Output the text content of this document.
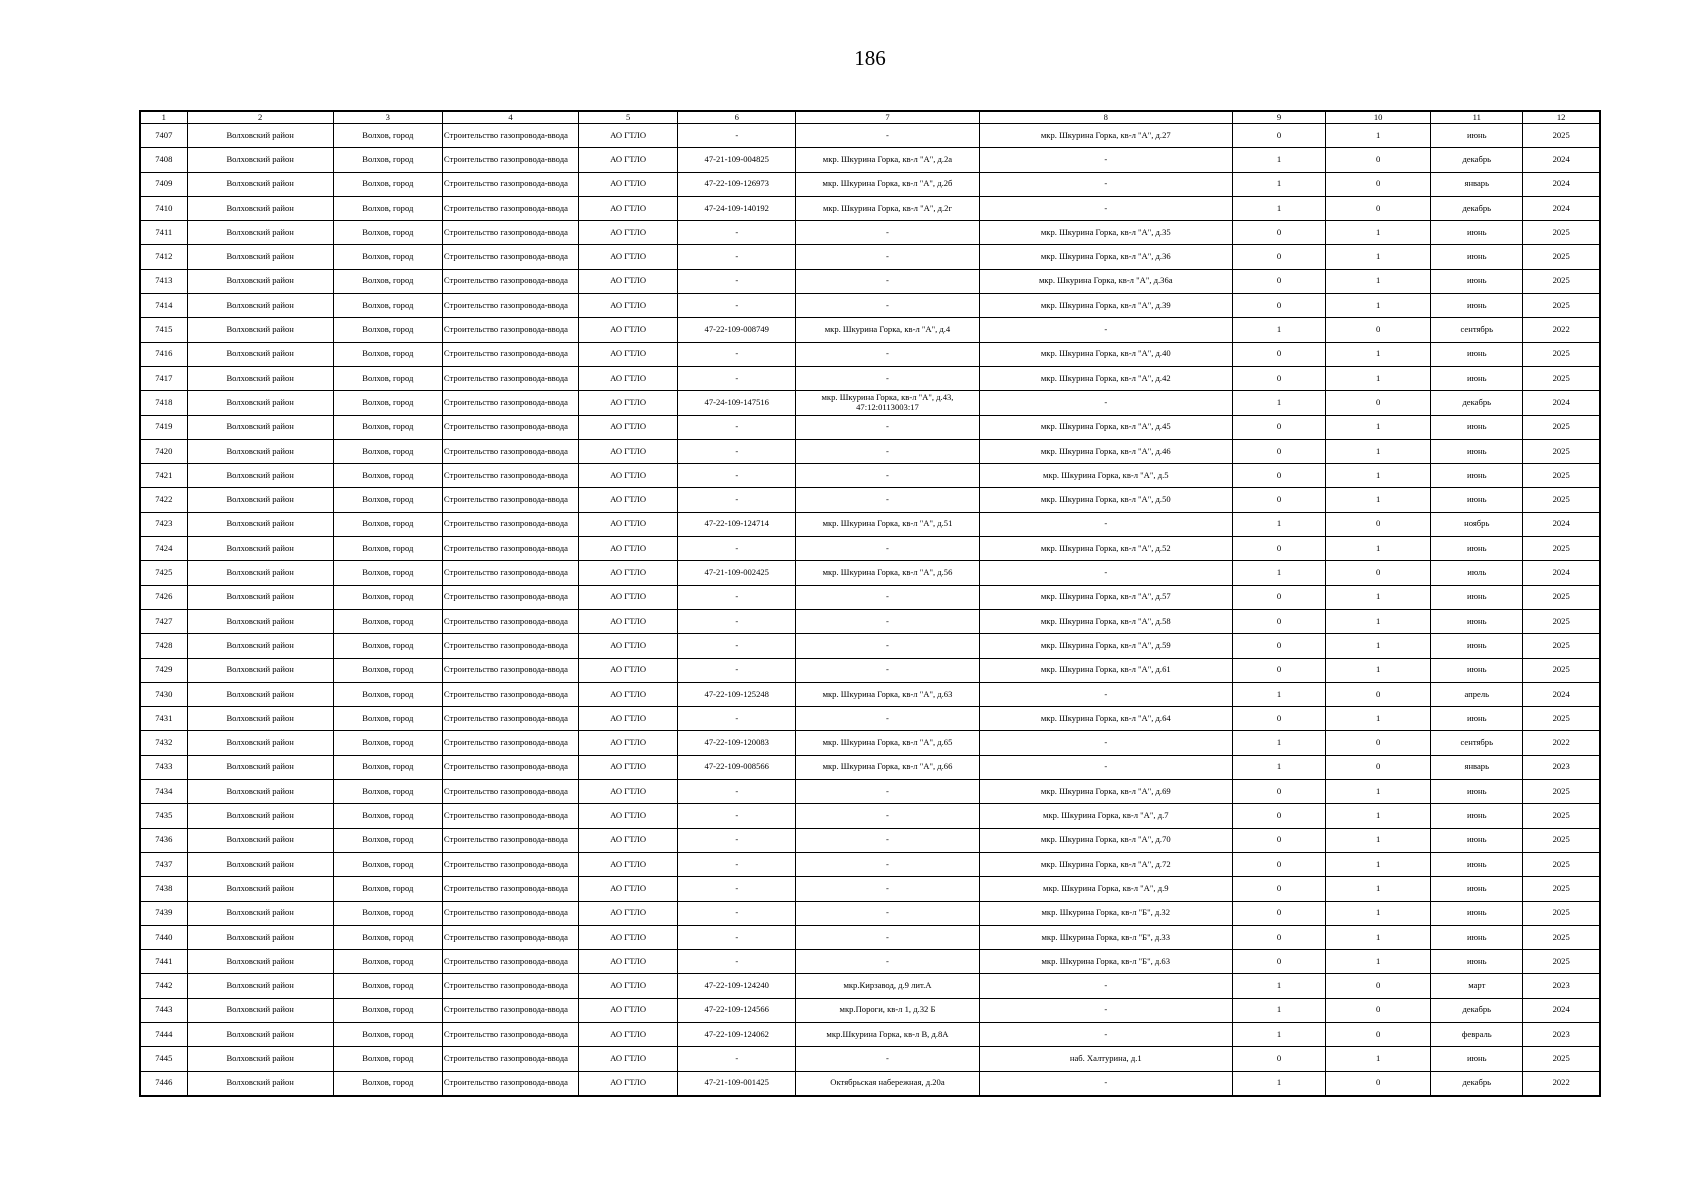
186
1	2	3	4	5	6	7	8	9	10	11	12
7407	Волховский район	Волхов, город	Строительство газопровода-ввода	АО ГТЛО	-	-	мкр. Шкурина Горка, кв-л "А", д.27	0	1	июнь	2025
7408	Волховский район	Волхов, город	Строительство газопровода-ввода	АО ГТЛО	47-21-109-004825	мкр. Шкурина Горка, кв-л "А", д.2а	-	1	0	декабрь	2024
7409	Волховский район	Волхов, город	Строительство газопровода-ввода	АО ГТЛО	47-22-109-126973	мкр. Шкурина Горка, кв-л "А", д.2б	-	1	0	январь	2024
7410	Волховский район	Волхов, город	Строительство газопровода-ввода	АО ГТЛО	47-24-109-140192	мкр. Шкурина Горка, кв-л "А", д.2г	-	1	0	декабрь	2024
7411	Волховский район	Волхов, город	Строительство газопровода-ввода	АО ГТЛО	-	-	мкр. Шкурина Горка, кв-л "А", д.35	0	1	июнь	2025
7412	Волховский район	Волхов, город	Строительство газопровода-ввода	АО ГТЛО	-	-	мкр. Шкурина Горка, кв-л "А", д.36	0	1	июнь	2025
7413	Волховский район	Волхов, город	Строительство газопровода-ввода	АО ГТЛО	-	-	мкр. Шкурина Горка, кв-л "А", д.36а	0	1	июнь	2025
7414	Волховский район	Волхов, город	Строительство газопровода-ввода	АО ГТЛО	-	-	мкр. Шкурина Горка, кв-л "А", д.39	0	1	июнь	2025
7415	Волховский район	Волхов, город	Строительство газопровода-ввода	АО ГТЛО	47-22-109-008749	мкр. Шкурина Горка, кв-л "А", д.4	-	1	0	сентябрь	2022
7416	Волховский район	Волхов, город	Строительство газопровода-ввода	АО ГТЛО	-	-	мкр. Шкурина Горка, кв-л "А", д.40	0	1	июнь	2025
7417	Волховский район	Волхов, город	Строительство газопровода-ввода	АО ГТЛО	-	-	мкр. Шкурина Горка, кв-л "А", д.42	0	1	июнь	2025
7418	Волховский район	Волхов, город	Строительство газопровода-ввода	АО ГТЛО	47-24-109-147516	мкр. Шкурина Горка, кв-л "А", д.43, 47:12:0113003:17	-	1	0	декабрь	2024
7419	Волховский район	Волхов, город	Строительство газопровода-ввода	АО ГТЛО	-	-	мкр. Шкурина Горка, кв-л "А", д.45	0	1	июнь	2025
7420	Волховский район	Волхов, город	Строительство газопровода-ввода	АО ГТЛО	-	-	мкр. Шкурина Горка, кв-л "А", д.46	0	1	июнь	2025
7421	Волховский район	Волхов, город	Строительство газопровода-ввода	АО ГТЛО	-	-	мкр. Шкурина Горка, кв-л "А", д.5	0	1	июнь	2025
7422	Волховский район	Волхов, город	Строительство газопровода-ввода	АО ГТЛО	-	-	мкр. Шкурина Горка, кв-л "А", д.50	0	1	июнь	2025
7423	Волховский район	Волхов, город	Строительство газопровода-ввода	АО ГТЛО	47-22-109-124714	мкр. Шкурина Горка, кв-л "А", д.51	-	1	0	ноябрь	2024
7424	Волховский район	Волхов, город	Строительство газопровода-ввода	АО ГТЛО	-	-	мкр. Шкурина Горка, кв-л "А", д.52	0	1	июнь	2025
7425	Волховский район	Волхов, город	Строительство газопровода-ввода	АО ГТЛО	47-21-109-002425	мкр. Шкурина Горка, кв-л "А", д.56	-	1	0	июль	2024
7426	Волховский район	Волхов, город	Строительство газопровода-ввода	АО ГТЛО	-	-	мкр. Шкурина Горка, кв-л "А", д.57	0	1	июнь	2025
7427	Волховский район	Волхов, город	Строительство газопровода-ввода	АО ГТЛО	-	-	мкр. Шкурина Горка, кв-л "А", д.58	0	1	июнь	2025
7428	Волховский район	Волхов, город	Строительство газопровода-ввода	АО ГТЛО	-	-	мкр. Шкурина Горка, кв-л "А", д.59	0	1	июнь	2025
7429	Волховский район	Волхов, город	Строительство газопровода-ввода	АО ГТЛО	-	-	мкр. Шкурина Горка, кв-л "А", д.61	0	1	июнь	2025
7430	Волховский район	Волхов, город	Строительство газопровода-ввода	АО ГТЛО	47-22-109-125248	мкр. Шкурина Горка, кв-л "А", д.63	-	1	0	апрель	2024
7431	Волховский район	Волхов, город	Строительство газопровода-ввода	АО ГТЛО	-	-	мкр. Шкурина Горка, кв-л "А", д.64	0	1	июнь	2025
7432	Волховский район	Волхов, город	Строительство газопровода-ввода	АО ГТЛО	47-22-109-120083	мкр. Шкурина Горка, кв-л "А", д.65	-	1	0	сентябрь	2022
7433	Волховский район	Волхов, город	Строительство газопровода-ввода	АО ГТЛО	47-22-109-008566	мкр. Шкурина Горка, кв-л "А", д.66	-	1	0	январь	2023
7434	Волховский район	Волхов, город	Строительство газопровода-ввода	АО ГТЛО	-	-	мкр. Шкурина Горка, кв-л "А", д.69	0	1	июнь	2025
7435	Волховский район	Волхов, город	Строительство газопровода-ввода	АО ГТЛО	-	-	мкр. Шкурина Горка, кв-л "А", д.7	0	1	июнь	2025
7436	Волховский район	Волхов, город	Строительство газопровода-ввода	АО ГТЛО	-	-	мкр. Шкурина Горка, кв-л "А", д.70	0	1	июнь	2025
7437	Волховский район	Волхов, город	Строительство газопровода-ввода	АО ГТЛО	-	-	мкр. Шкурина Горка, кв-л "А", д.72	0	1	июнь	2025
7438	Волховский район	Волхов, город	Строительство газопровода-ввода	АО ГТЛО	-	-	мкр. Шкурина Горка, кв-л "А", д.9	0	1	июнь	2025
7439	Волховский район	Волхов, город	Строительство газопровода-ввода	АО ГТЛО	-	-	мкр. Шкурина Горка, кв-л "Б", д.32	0	1	июнь	2025
7440	Волховский район	Волхов, город	Строительство газопровода-ввода	АО ГТЛО	-	-	мкр. Шкурина Горка, кв-л "Б", д.33	0	1	июнь	2025
7441	Волховский район	Волхов, город	Строительство газопровода-ввода	АО ГТЛО	-	-	мкр. Шкурина Горка, кв-л "Б", д.63	0	1	июнь	2025
7442	Волховский район	Волхов, город	Строительство газопровода-ввода	АО ГТЛО	47-22-109-124240	мкр.Кирзавод, д.9 лит.А	-	1	0	март	2023
7443	Волховский район	Волхов, город	Строительство газопровода-ввода	АО ГТЛО	47-22-109-124566	мкр.Пороги, кв-л 1, д.32 Б	-	1	0	декабрь	2024
7444	Волховский район	Волхов, город	Строительство газопровода-ввода	АО ГТЛО	47-22-109-124062	мкр.Шкурина Горка, кв-л В, д.8А	-	1	0	февраль	2023
7445	Волховский район	Волхов, город	Строительство газопровода-ввода	АО ГТЛО	-	-	наб. Халтурина, д.1	0	1	июнь	2025
7446	Волховский район	Волхов, город	Строительство газопровода-ввода	АО ГТЛО	47-21-109-001425	Октябрьская набережная, д.20а	-	1	0	декабрь	2022
